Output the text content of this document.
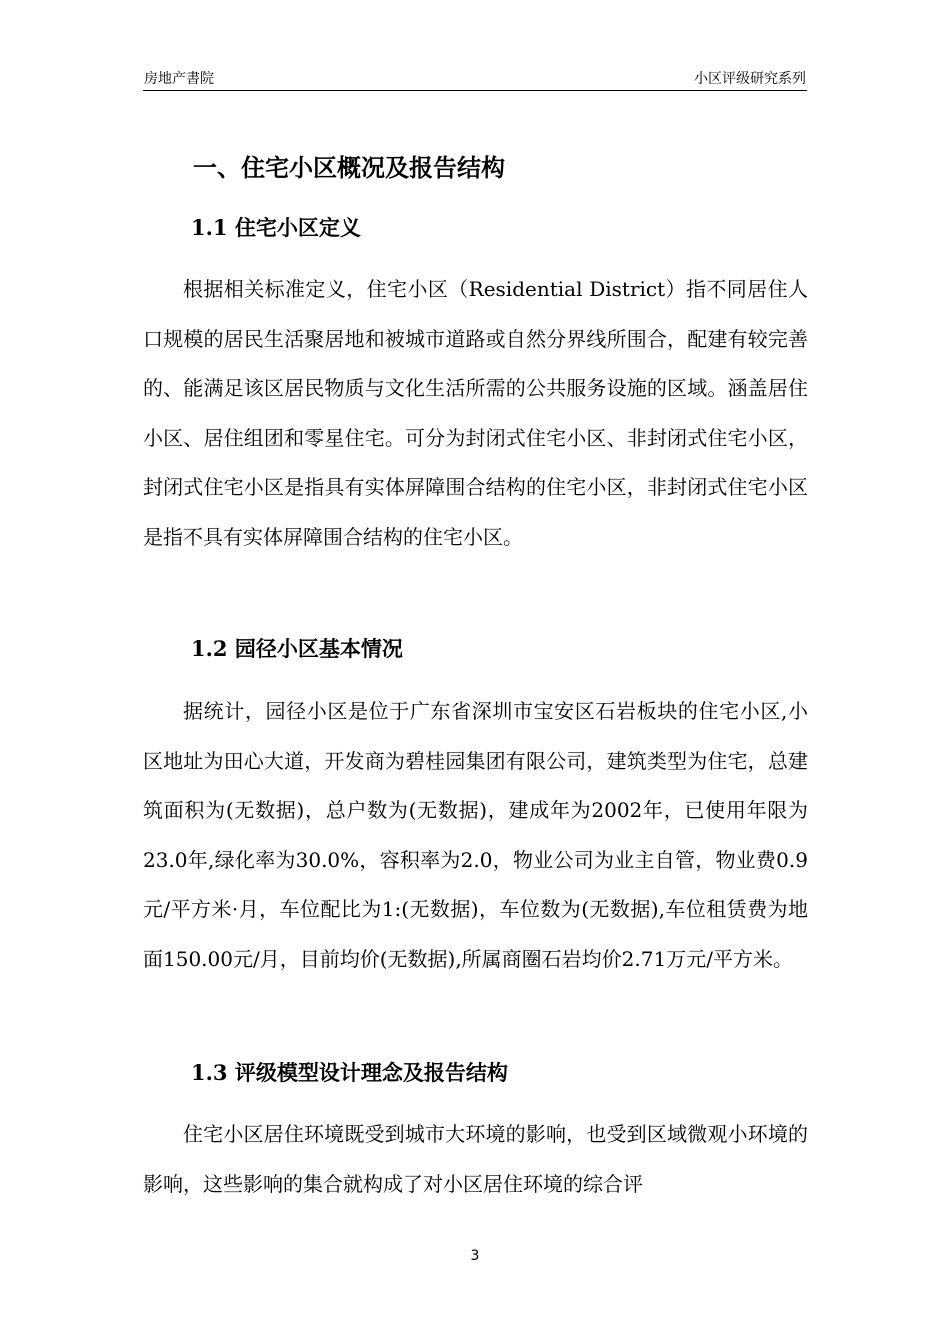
房地产書院	小区评级研究系列
一、住宅小区概况及报告结构
1.1 住宅小区定义
根据相关标准定义，住宅小区（Residential District）指不同居住人口规模的居民生活聚居地和被城市道路或自然分界线所围合，配建有较完善的、能满足该区居民物质与文化生活所需的公共服务设施的区域。涵盖居住小区、居住组团和零星住宅。可分为封闭式住宅小区、非封闭式住宅小区，封闭式住宅小区是指具有实体屏障围合结构的住宅小区，非封闭式住宅小区是指不具有实体屏障围合结构的住宅小区。
1.2 园径小区基本情况
据统计，园径小区是位于广东省深圳市宝安区石岩板块的住宅小区,小区地址为田心大道，开发商为碧桂园集团有限公司，建筑类型为住宅，总建筑面积为(无数据)，总户数为(无数据)，建成年为2002年，已使用年限为23.0年,绿化率为30.0%，容积率为2.0，物业公司为业主自管，物业费0.9元/平方米·月，车位配比为1:(无数据)，车位数为(无数据),车位租赁费为地面150.00元/月，目前均价(无数据),所属商圈石岩均价2.71万元/平方米。
1.3 评级模型设计理念及报告结构
住宅小区居住环境既受到城市大环境的影响，也受到区域微观小环境的影响，这些影响的集合就构成了对小区居住环境的综合评
3
